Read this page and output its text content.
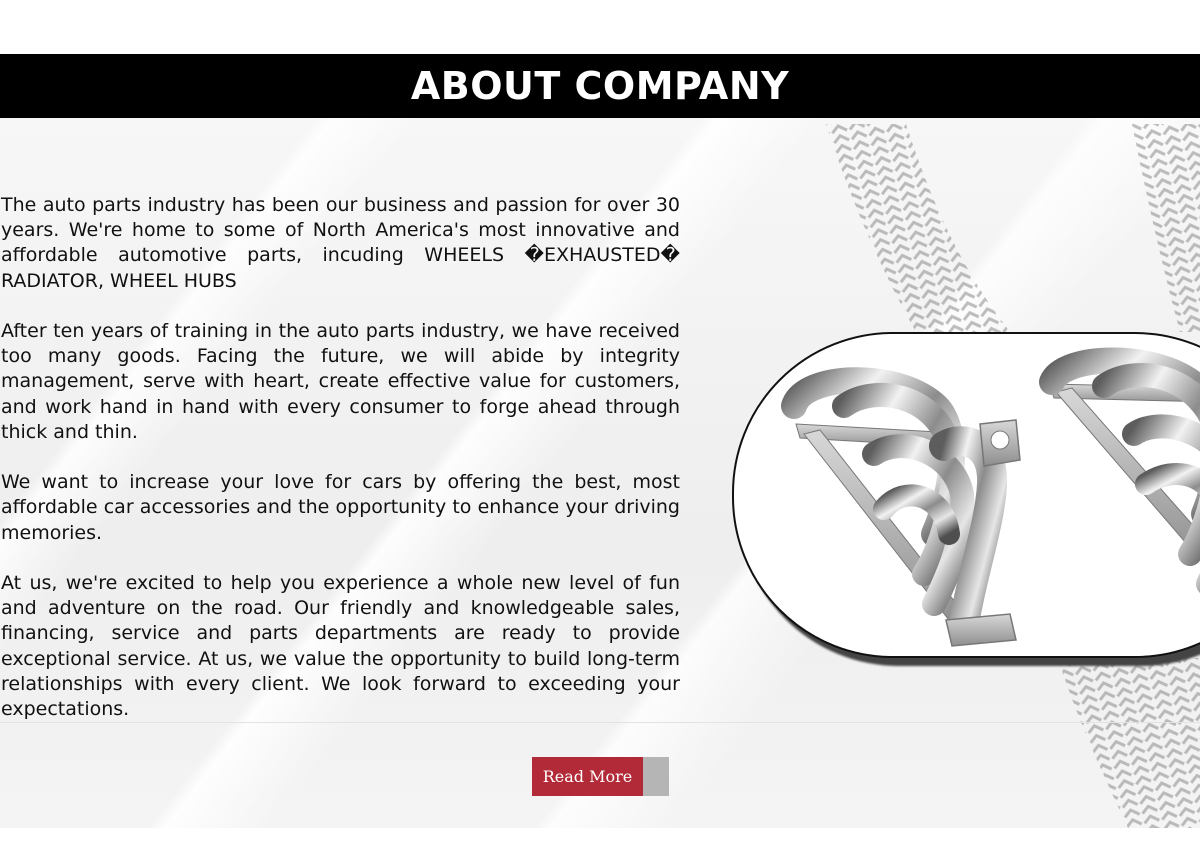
ABOUT COMPANY

The auto parts industry has been our business and passion for over 30 years. We're home to some of North America's most innovative and affordable automotive parts, incuding WHEELS �EXHAUSTED� RADIATOR, WHEEL HUBS

After ten years of training in the auto parts industry, we have received too many goods. Facing the future, we will abide by integrity management, serve with heart, create effective value for customers, and work hand in hand with every consumer to forge ahead through thick and thin.

We want to increase your love for cars by offering the best, most affordable car accessories and the opportunity to enhance your driving memories.

At us, we're excited to help you experience a whole new level of fun and adventure on the road. Our friendly and knowledgeable sales, financing, service and parts departments are ready to provide exceptional service. At us, we value the opportunity to build long-term relationships with every client. We look forward to exceeding your expectations.

Read More
